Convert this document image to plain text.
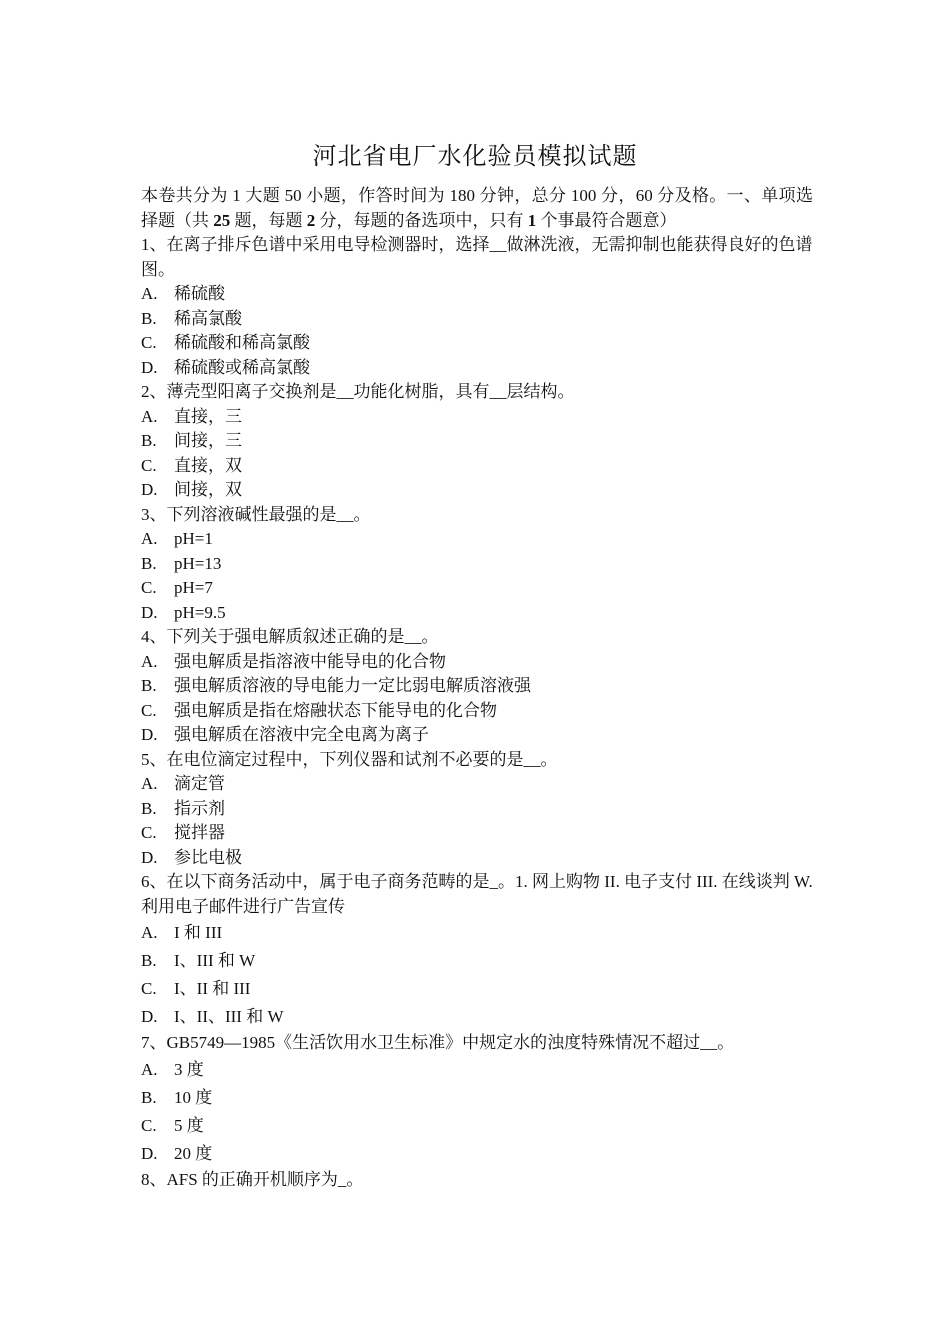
河北省电厂水化验员模拟试题

本卷共分为 1 大题 50 小题，作答时间为 180 分钟，总分 100 分，60 分及格。一、单项选择题（共 25 题，每题 2 分，每题的备选项中，只有 1 个事最符合题意）

1、在离子排斥色谱中采用电导检测器时，选择__做淋洗液，无需抑制也能获得良好的色谱图。

A. 稀硫酸
B.	稀高氯酸
C.	稀硫酸和稀高氯酸
D. 稀硫酸或稀高氯酸

2、薄壳型阳离子交换剂是__功能化树脂，具有__层结构。

A. 直接，三
B.	间接，三
C.	直接，双
D. 间接，双

3、下列溶液碱性最强的是__。

A. pH=1
B.	pH=13
C.	pH=7
D. pH=9.5

4、下列关于强电解质叙述正确的是__。

A. 强电解质是指溶液中能导电的化合物
B.	强电解质溶液的导电能力一定比弱电解质溶液强
C.	强电解质是指在熔融状态下能导电的化合物
D. 强电解质在溶液中完全电离为离子

5、在电位滴定过程中，下列仪器和试剂不必要的是__。

A. 滴定管
B.	指示剂
C.	搅拌器
D. 参比电极

6、在以下商务活动中，属于电子商务范畴的是_。1. 网上购物 II. 电子支付 III. 在线谈判 W. 利用电子邮件进行广告宣传

A. I 和 III
B.	I、III 和 W
C.	I、II 和 III
D. I、II、III 和 W

7、GB5749—1985《生活饮用水卫生标准》中规定水的浊度特殊情况不超过__。

A. 3 度
B.	10 度
C.	5 度
D. 20 度

8、AFS 的正确开机顺序为_。
